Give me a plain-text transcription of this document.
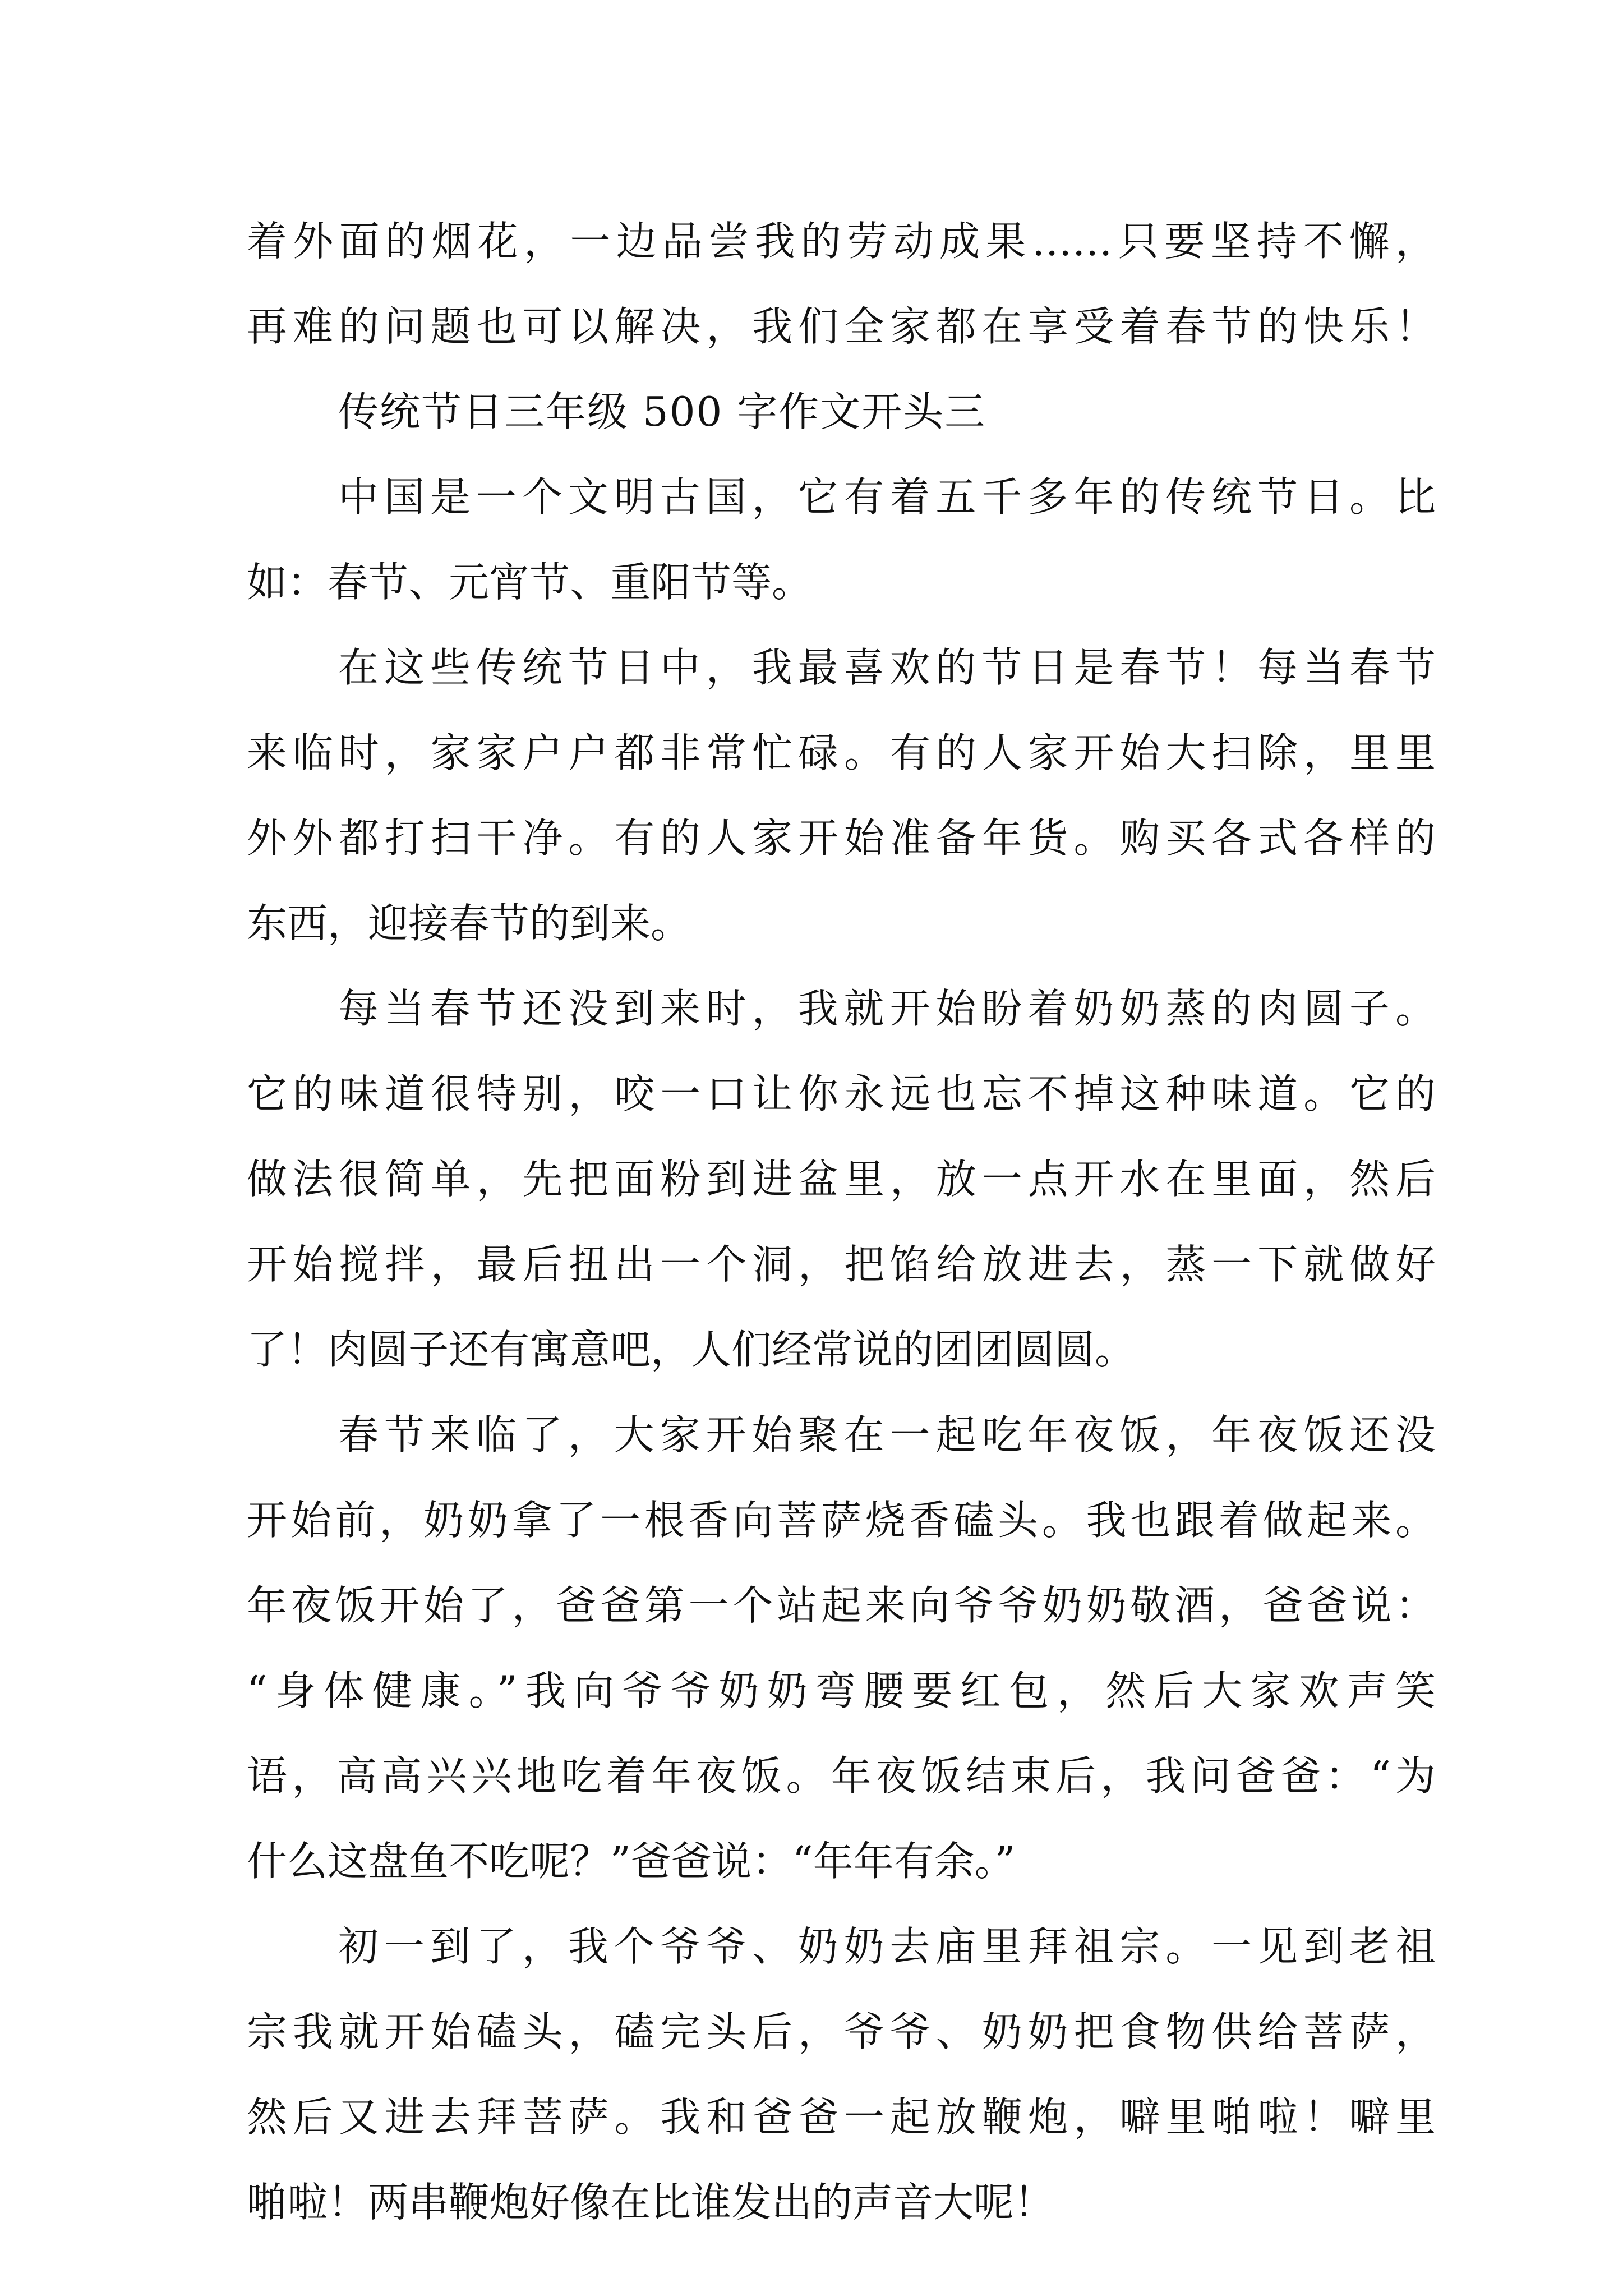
着外面的烟花，一边品尝我的劳动成果……只要坚持不懈，
再难的问题也可以解决，我们全家都在享受着春节的快乐！
传统节日三年级 500 字作文开头三
中国是一个文明古国，它有着五千多年的传统节日。比
如：春节、元宵节、重阳节等。
在这些传统节日中，我最喜欢的节日是春节！每当春节
来临时，家家户户都非常忙碌。有的人家开始大扫除，里里
外外都打扫干净。有的人家开始准备年货。购买各式各样的
东西，迎接春节的到来。
每当春节还没到来时，我就开始盼着奶奶蒸的肉圆子。
它的味道很特别，咬一口让你永远也忘不掉这种味道。它的
做法很简单，先把面粉到进盆里，放一点开水在里面，然后
开始搅拌，最后扭出一个洞，把馅给放进去，蒸一下就做好
了！肉圆子还有寓意吧，人们经常说的团团圆圆。
春节来临了，大家开始聚在一起吃年夜饭，年夜饭还没
开始前，奶奶拿了一根香向菩萨烧香磕头。我也跟着做起来。
年夜饭开始了，爸爸第一个站起来向爷爷奶奶敬酒，爸爸说：
“身体健康。”我向爷爷奶奶弯腰要红包，然后大家欢声笑
语，高高兴兴地吃着年夜饭。年夜饭结束后，我问爸爸：“为
什么这盘鱼不吃呢？”爸爸说：“年年有余。”
初一到了，我个爷爷、奶奶去庙里拜祖宗。一见到老祖
宗我就开始磕头，磕完头后，爷爷、奶奶把食物供给菩萨，
然后又进去拜菩萨。我和爸爸一起放鞭炮，噼里啪啦！噼里
啪啦！两串鞭炮好像在比谁发出的声音大呢！
